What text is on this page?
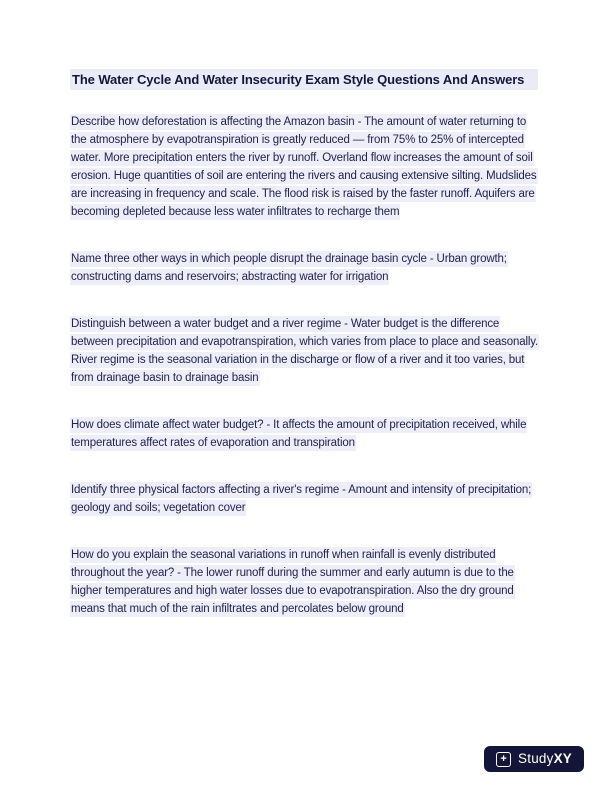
The Water Cycle And Water Insecurity Exam Style Questions And Answers

Describe how deforestation is affecting the Amazon basin - The amount of water returning to the atmosphere by evapotranspiration is greatly reduced — from 75% to 25% of intercepted water. More precipitation enters the river by runoff. Overland flow increases the amount of soil erosion. Huge quantities of soil are entering the rivers and causing extensive silting. Mudslides are increasing in frequency and scale. The flood risk is raised by the faster runoff. Aquifers are becoming depleted because less water infiltrates to recharge them

Name three other ways in which people disrupt the drainage basin cycle - Urban growth; constructing dams and reservoirs; abstracting water for irrigation

Distinguish between a water budget and a river regime - Water budget is the difference between precipitation and evapotranspiration, which varies from place to place and seasonally. River regime is the seasonal variation in the discharge or flow of a river and it too varies, but from drainage basin to drainage basin

How does climate affect water budget? - It affects the amount of precipitation received, while temperatures affect rates of evaporation and transpiration

Identify three physical factors affecting a river's regime - Amount and intensity of precipitation; geology and soils; vegetation cover

How do you explain the seasonal variations in runoff when rainfall is evenly distributed throughout the year? - The lower runoff during the summer and early autumn is due to the higher temperatures and high water losses due to evapotranspiration. Also the dry ground means that much of the rain infiltrates and percolates below ground

+ Study XY
